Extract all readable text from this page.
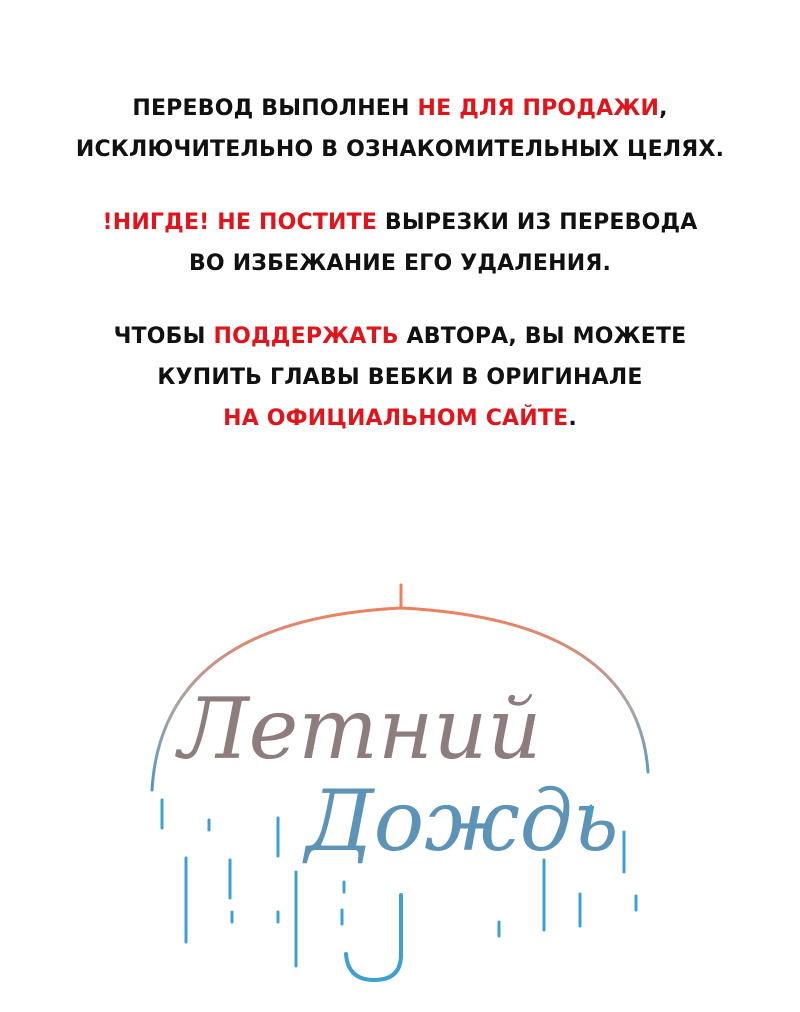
ПЕРЕВОД ВЫПОЛНЕН НЕ ДЛЯ ПРОДАЖИ,
ИСКЛЮЧИТЕЛЬНО В ОЗНАКОМИТЕЛЬНЫХ ЦЕЛЯХ.

!НИГДЕ! НЕ ПОСТИТЕ ВЫРЕЗКИ ИЗ ПЕРЕВОДА
ВО ИЗБЕЖАНИЕ ЕГО УДАЛЕНИЯ.

ЧТОБЫ ПОДДЕРЖАТЬ АВТОРА, ВЫ МОЖЕТЕ
КУПИТЬ ГЛАВЫ ВЕБКИ В ОРИГИНАЛЕ
НА ОФИЦИАЛЬНОМ САЙТЕ.

Летний
Дождь
